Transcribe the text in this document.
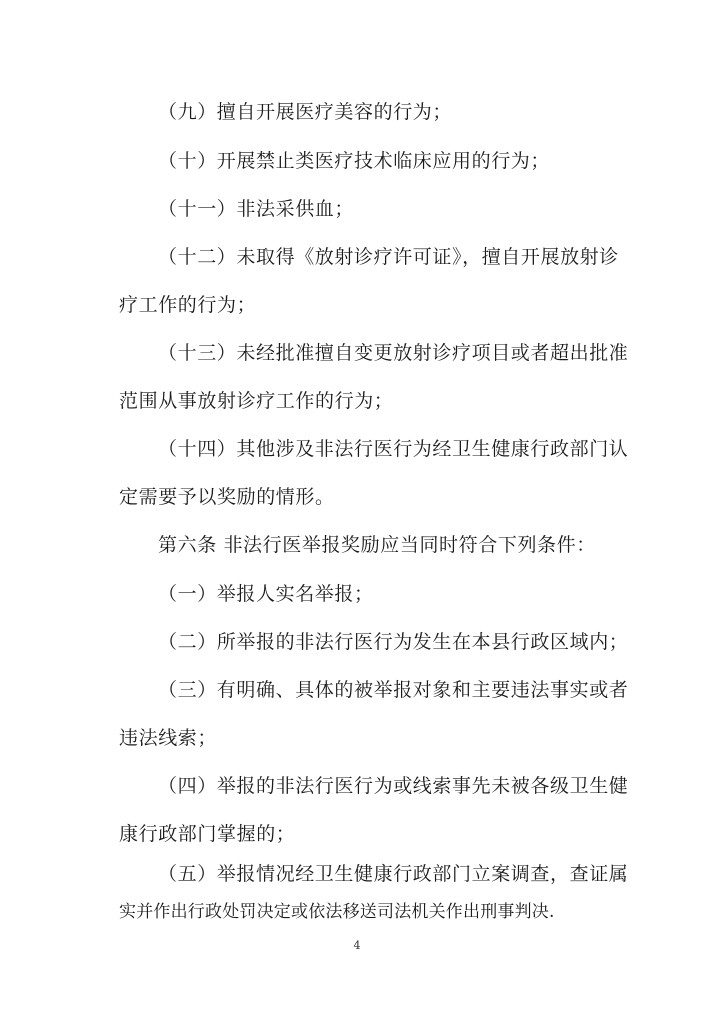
（九）擅自开展医疗美容的行为；
（十）开展禁止类医疗技术临床应用的行为；
（十一）非法采供血；
（十二）未取得《放射诊疗许可证》，擅自开展放射诊
疗工作的行为；
（十三）未经批准擅自变更放射诊疗项目或者超出批准
范围从事放射诊疗工作的行为；
（十四）其他涉及非法行医行为经卫生健康行政部门认
定需要予以奖励的情形。
第六条 非法行医举报奖励应当同时符合下列条件：
（一）举报人实名举报；
（二）所举报的非法行医行为发生在本县行政区域内；
（三）有明确、具体的被举报对象和主要违法事实或者
违法线索；
（四）举报的非法行医行为或线索事先未被各级卫生健
康行政部门掌握的；
（五）举报情况经卫生健康行政部门立案调查，查证属
实并作出行政处罚决定或依法移送司法机关作出刑事判决.
4
